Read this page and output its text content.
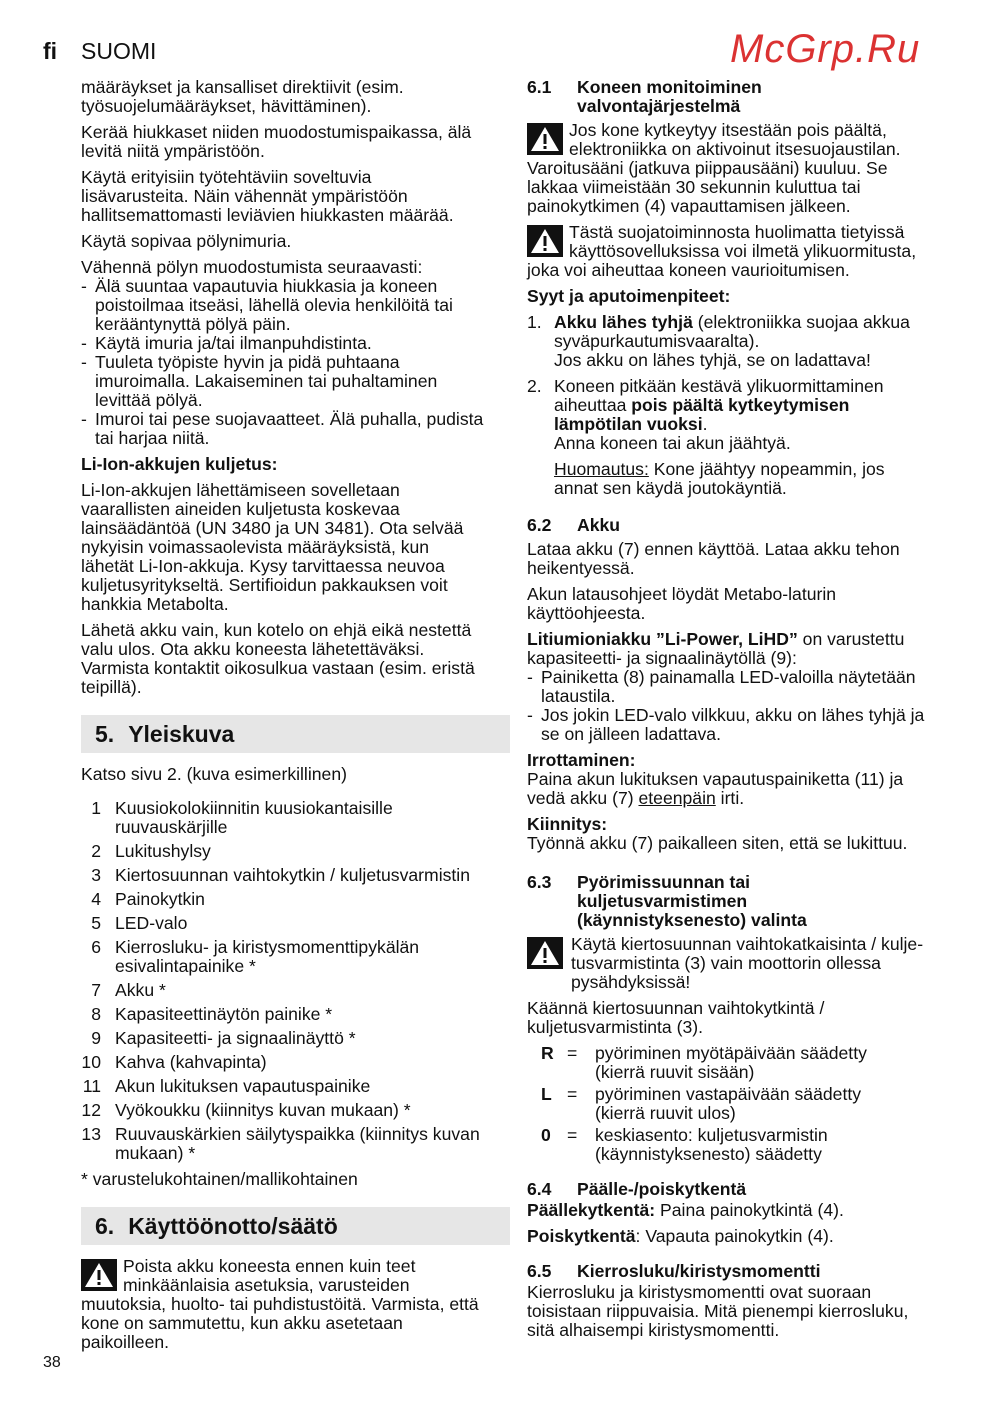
fi SUOMI

määräykset ja kansalliset direktiivit (esim.
työsuojelumääräykset, hävittäminen).

Kerää hiukkaset niiden muodostumispaikassa, älä
levitä niitä ympäristöön.

Käytä erityisiin työtehtäviin soveltuvia
lisävarusteita. Näin vähennät ympäristöön
hallitsemattomasti leviävien hiukkasten määrää.

Käytä sopivaa pölynimuria.

Vähennä pölyn muodostumista seuraavasti:

- Älä suuntaa vapautuvia hiukkasia ja koneen
poistoilmaa itseäsi, lähellä olevia henkilöitä tai
kerääntynyttä pölyä päin.
- Käytä imuria ja/tai ilmanpuhdistinta.
- Tuuleta työpiste hyvin ja pidä puhtaana
imuroimalla. Lakaiseminen tai puhaltaminen
levittää pölyä.
- Imuroi tai pese suojavaatteet. Älä puhalla, pudista
tai harjaa niitä.

Li-Ion-akkujen kuljetus:

Li-Ion-akkujen lähettämiseen sovelletaan
vaarallisten aineiden kuljetusta koskevaa
lainsäädäntöä (UN 3480 ja UN 3481). Ota selvää
nykyisin voimassaolevista määräyksistä, kun
lähetät Li-Ion-akkuja. Kysy tarvittaessa neuvoa
kuljetusyritykseltä. Sertifioidun pakkauksen voit
hankkia Metabolta.

Lähetä akku vain, kun kotelo on ehjä eikä nestettä
valu ulos. Ota akku koneesta lähetettäväksi.
Varmista kontaktit oikosulkua vastaan (esim. eristä
teipillä).

5. Yleiskuva

Katso sivu 2. (kuva esimerkillinen)

1 Kuusiokolokiinnitin kuusiokantaisille
ruuvauskärjille
2 Lukitushylsy
3 Kiertosuunnan vaihtokytkin / kuljetusvarmistin
4 Painokytkin
5 LED-valo
6 Kierrosluku- ja kiristysmomenttipykälän
esivalintapainike *
7 Akku *
8 Kapasiteettinäytön painike *
9 Kapasiteetti- ja signaalinäyttö *
10 Kahva (kahvapinta)
11 Akun lukituksen vapautuspainike
12 Vyökoukku (kiinnitys kuvan mukaan) *
13 Ruuvauskärkien säilytyspaikka (kiinnitys kuvan
mukaan) *

* varustelukohtainen/mallikohtainen

6. Käyttöönotto/säätö

Poista akku koneesta ennen kuin teet
minkäänlaisia asetuksia, varusteiden
muutoksia, huolto- tai puhdistustöitä. Varmista, että
kone on sammutettu, kun akku asetetaan
paikoilleen.

6.1	Koneen monitoiminen
valvontajärjestelmä

Jos kone kytkeytyy itsestään pois päältä,
elektroniikka on aktivoinut itsesuojaustilan.
Varoitusääni (jatkuva piippausääni) kuuluu. Se
lakkaa viimeistään 30 sekunnin kuluttua tai
painokytkimen (4) vapauttamisen jälkeen.

Tästä suojatoiminnosta huolimatta tietyissä
käyttösovelluksissa voi ilmetä ylikuormitusta,
joka voi aiheuttaa koneen vaurioitumisen.

Syyt ja aputoimenpiteet:

1. Akku lähes tyhjä (elektroniikka suojaa akkua
syväpurkautumisvaaralta).
Jos akku on lähes tyhjä, se on ladattava!
2. Koneen pitkään kestävä ylikuormittaminen
aiheuttaa pois päältä kytkeytymisen
lämpötilan vuoksi.
Anna koneen tai akun jäähtyä.
Huomautus: Kone jäähtyy nopeammin, jos
annat sen käydä joutokäyntiä.
6.2	Akku

Lataa akku (7) ennen käyttöä. Lataa akku tehon
heikentyessä.

Akun latausohjeet löydät Metabo-laturin
käyttöohjeesta.

Litiumioniakku ”Li-Power, LiHD” on varustettu
kapasiteetti- ja signaalinäytöllä (9):

- Painiketta (8) painamalla LED-valoilla näytetään
lataustila.
- Jos jokin LED-valo vilkkuu, akku on lähes tyhjä ja
se on jälleen ladattava.

Irrottaminen:

Paina akun lukituksen vapautuspainiketta (11) ja
vedä akku (7) eteenpäin irti.

Kiinnitys:

Työnnä akku (7) paikalleen siten, että se lukittuu.

6.3	Pyörimissuunnan tai
kuljetusvarmistimen
(käynnistyksenesto) valinta

Käytä kiertosuunnan vaihtokatkaisinta / kulje-
tusvarmistinta (3) vain moottorin ollessa
pysähdyksissä!

Käännä kiertosuunnan vaihtokytkintä /
kuljetusvarmistinta (3).

R =	pyöriminen myötäpäivään säädetty
(kierrä ruuvit sisään)
L =	pyöriminen vastapäivään säädetty
(kierrä ruuvit ulos)
0 =	keskiasento: kuljetusvarmistin
(käynnistyksenesto) säädetty
6.4	Päälle-/poiskytkentä

Päällekytkentä: Paina painokytkintä (4).

Poiskytkentä: Vapauta painokytkin (4).

6.5	Kierrosluku/kiristysmomentti

Kierrosluku ja kiristysmomentti ovat suoraan
toisistaan riippuvaisia. Mitä pienempi kierrosluku,
sitä alhaisempi kiristysmomentti.

McGrp.Ru
38
